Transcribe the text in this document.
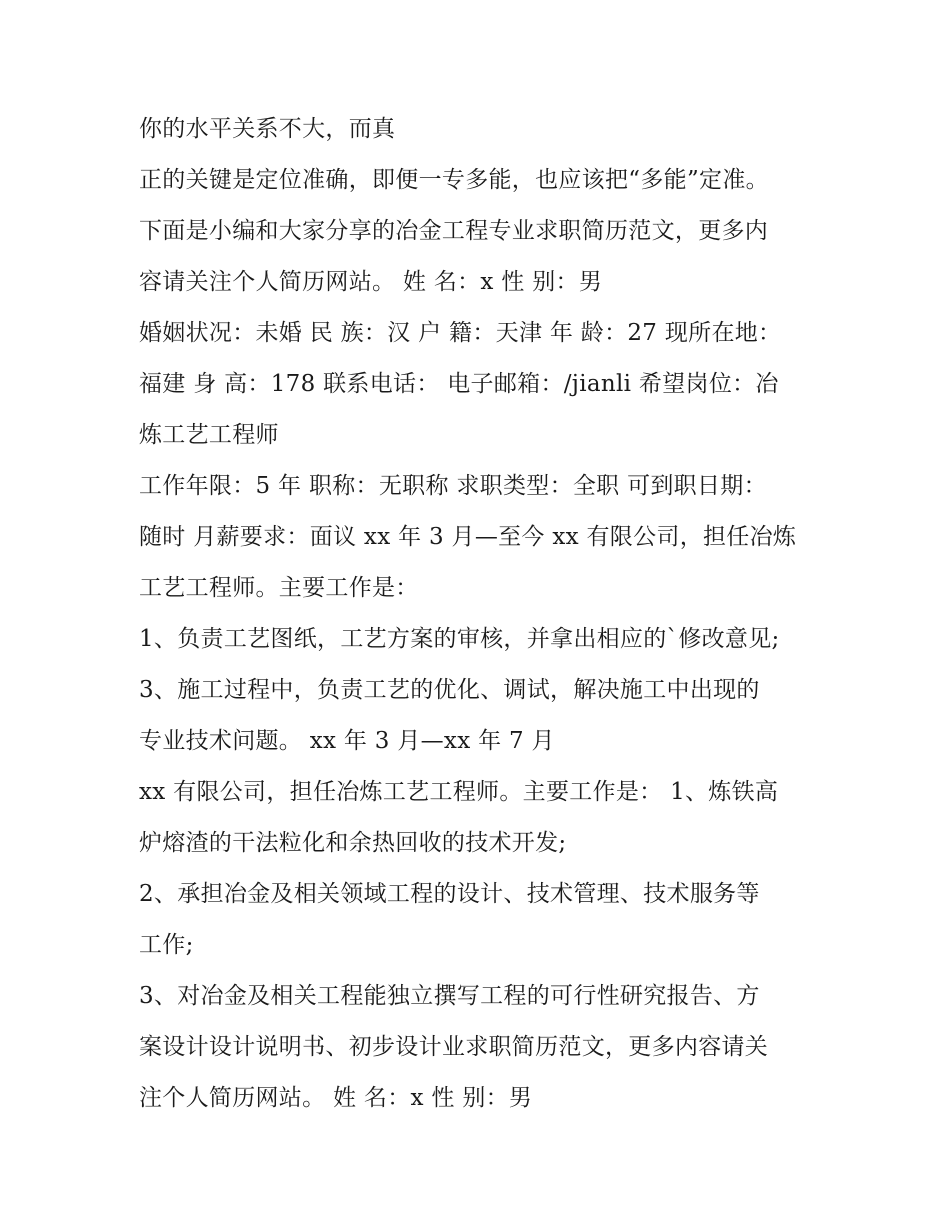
你的水平关系不大，而真
正的关键是定位准确，即便一专多能，也应该把“多能”定准。
下面是小编和大家分享的冶金工程专业求职简历范文，更多内
容请关注个人简历网站。 姓 名：x 性 别：男
婚姻状况：未婚 民 族：汉 户 籍：天津 年 龄：27 现所在地：
福建 身 高：178 联系电话： 电子邮箱：/jianli 希望岗位：冶
炼工艺工程师
工作年限：5 年 职称：无职称 求职类型：全职 可到职日期：
随时 月薪要求：面议 xx 年 3 月—至今 xx 有限公司，担任冶炼
工艺工程师。主要工作是：
1、负责工艺图纸，工艺方案的审核，并拿出相应的`修改意见;
3、施工过程中，负责工艺的优化、调试，解决施工中出现的
专业技术问题。 xx 年 3 月—xx 年 7 月
xx 有限公司，担任冶炼工艺工程师。主要工作是： 1、炼铁高
炉熔渣的干法粒化和余热回收的技术开发;
2、承担冶金及相关领域工程的设计、技术管理、技术服务等
工作;
3、对冶金及相关工程能独立撰写工程的可行性研究报告、方
案设计设计说明书、初步设计业求职简历范文，更多内容请关
注个人简历网站。 姓 名：x 性 别：男
